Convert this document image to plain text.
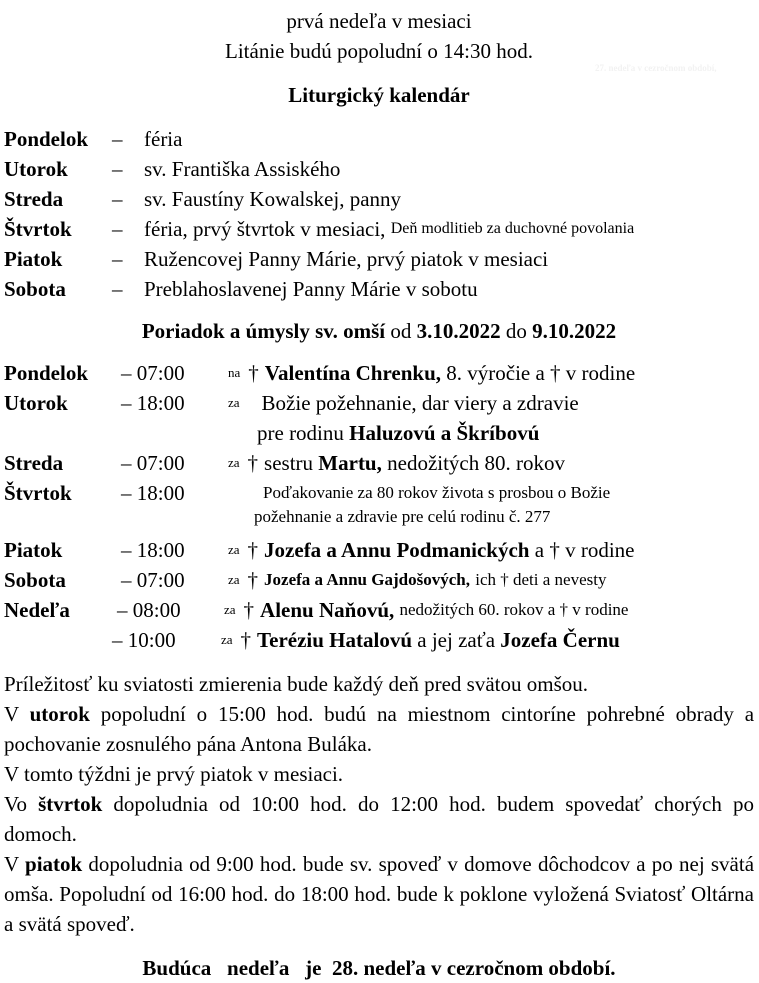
27. nedeľa v cezročnom období,
prvá nedeľa v mesiaci
Litánie budú popoludní o 14:30 hod.
Liturgický kalendár
Pondelok	–	féria
Utorok	–	sv. Františka Assiského
Streda	–	sv. Faustíny Kowalskej, panny
Štvrtok	–	féria, prvý štvrtok v mesiaci,
Deň modlitieb za duchovné povolania
Piatok	–	Ružencovej Panny Márie, prvý piatok v mesiaci
Sobota	–	Preblahoslavenej Panny Márie v sobotu
Poriadok a úmysly sv. omší od 3.10.2022 do 9.10.2022
Pondelok	– 07:00	na † Valentína Chrenku,
8. výročie a † v rodine
Utorok	– 18:00	za	Božie požehnanie, dar viery a zdravie
pre rodinu
Haluzovú a Škríbovú
Streda	– 07:00	za † sestru
Martu,
nedožitých 80. rokov
Štvrtok	– 18:00	Poďakovanie za 80 rokov života s prosbou o Božie
požehnanie a zdravie pre celú rodinu č. 277
Piatok	– 18:00	za † Jozefa a Annu Podmanických
a † v rodine
Sobota	– 07:00	za † Jozefa a Annu Gajdošových,
ich † deti a nevesty
Nedeľa	– 08:00	za † Alenu Naňovú,
nedožitých 60. rokov a † v rodine
– 10:00	za † Teréziu Hatalovú
a jej zaťa
Jozefa Černu

Príležitosť ku sviatosti zmierenia bude každý deň pred svätou omšou.

V utorok popoludní o 15:00 hod. budú na miestnom cintoríne pohrebné obrady a pochovanie zosnulého pána Antona Buláka.

V tomto týždni je prvý piatok v mesiaci.

Vo štvrtok dopoludnia od 10:00 hod. do 12:00 hod. budem spovedať chorých po domoch.

V piatok dopoludnia od 9:00 hod. bude sv. spoveď v domove dôchodcov a po nej svätá omša. Popoludní od 16:00 hod. do 18:00 hod. bude k poklone vyložená Sviatosť Oltárna a svätá spoveď.

Budúca   nedeľa   je  28. nedeľa v cezročnom období.
